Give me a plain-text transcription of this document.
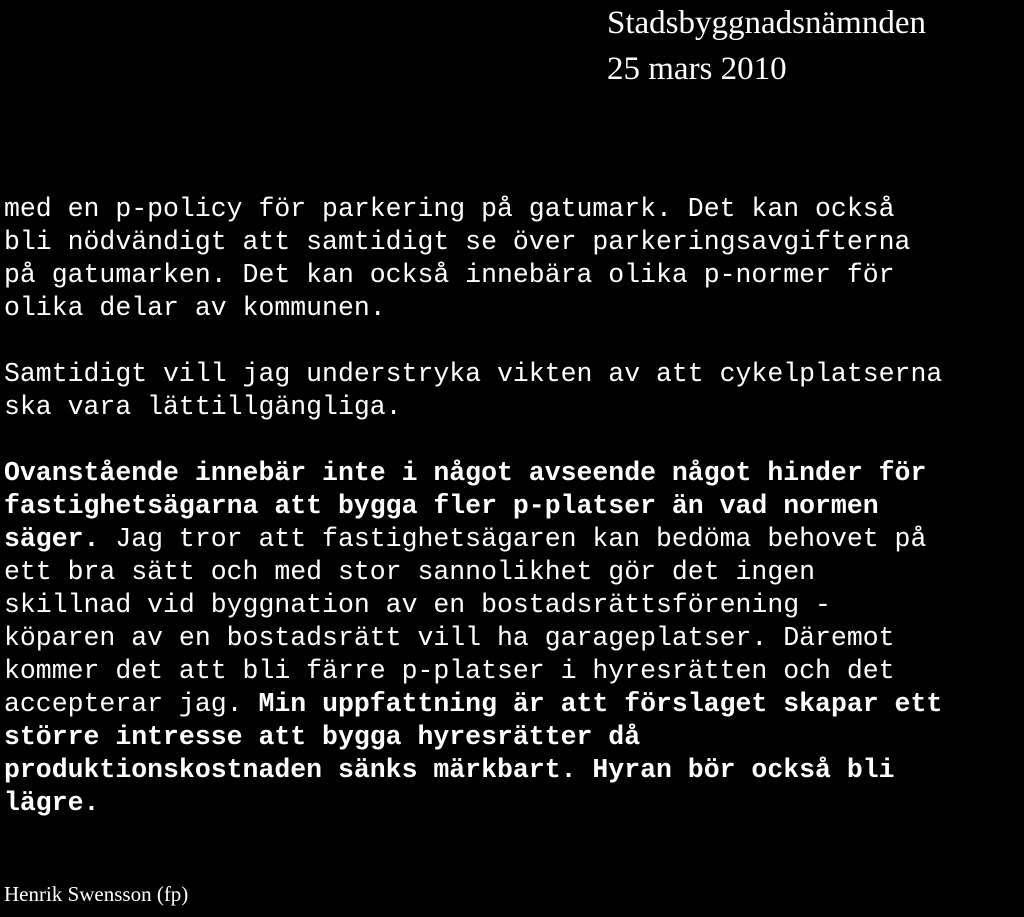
Stadsbyggnadsnämnden
25 mars 2010
med en p-policy för parkering på gatumark. Det kan också
bli nödvändigt att samtidigt se över parkeringsavgifterna
på gatumarken. Det kan också innebära olika p-normer för
olika delar av kommunen.
Samtidigt vill jag understryka vikten av att cykelplatserna
ska vara lättillgängliga.
Ovanstående innebär inte i något avseende något hinder för
fastighetsägarna att bygga fler p-platser än vad normen
säger. Jag tror att fastighetsägaren kan bedöma behovet på
ett bra sätt och med stor sannolikhet gör det ingen
skillnad vid byggnation av en bostadsrättsförening -
köparen av en bostadsrätt vill ha garageplatser. Däremot
kommer det att bli färre p-platser i hyresrätten och det
accepterar jag. Min uppfattning är att förslaget skapar ett
större intresse att bygga hyresrätter då
produktionskostnaden sänks märkbart. Hyran bör också bli
lägre.
Henrik Swensson (fp)
